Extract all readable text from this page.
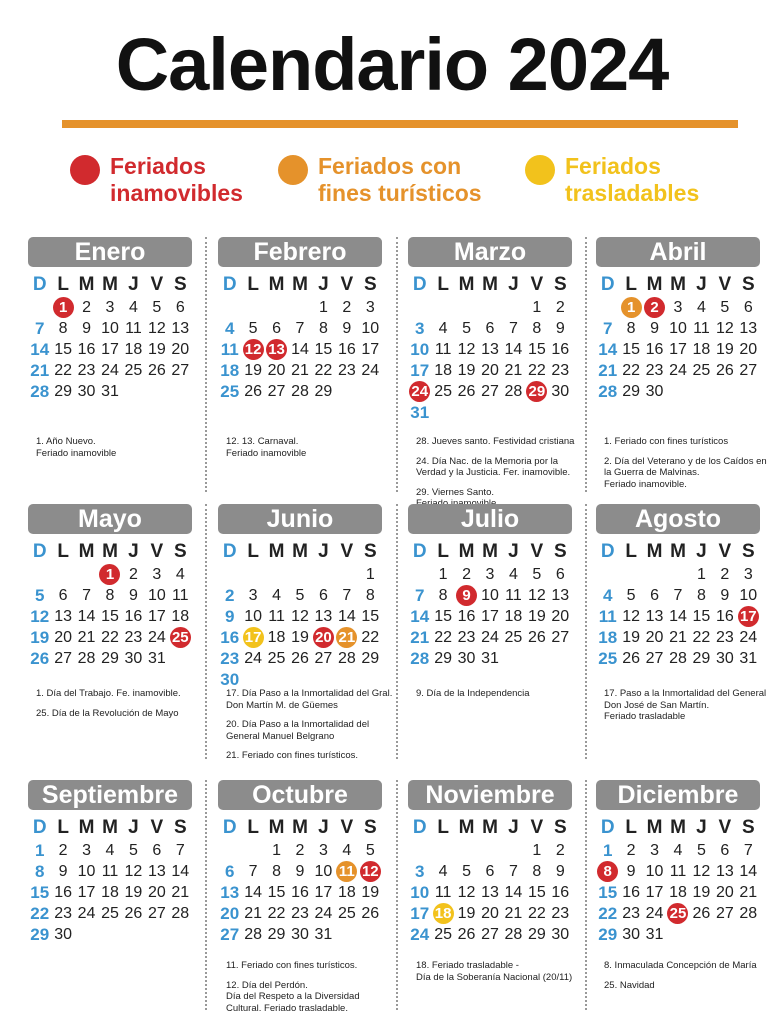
Calendario 2024
Feriados
inamovibles
Feriados con
fines turísticos
Feriados
trasladables
Enero
D L M M J V S
1 2 3 4 5 6
7 8 9 10 11 12 13
14 15 16 17 18 19 20
21 22 23 24 25 26 27
28 29 30 31
1. Año Nuevo.
Feriado inamovible
Febrero
D L M M J V S
1 2 3
4 5 6 7 8 9 10
11 12 13 14 15 16 17
18 19 20 21 22 23 24
25 26 27 28 29
12. 13. Carnaval.
Feriado inamovible
Marzo
D L M M J V S
1 2
3 4 5 6 7 8 9
10 11 12 13 14 15 16
17 18 19 20 21 22 23
24 25 26 27 28 29 30
31
28. Jueves santo. Festividad cristiana
24. Día Nac. de la Memoria por la Verdad y la Justicia. Fer. inamovible.
29. Viernes Santo.

Abril
D L M M J V S
1	2 3 4 5 6
7 8 9 10 11 12 13
14 15 16 17 18 19 20
21 22 23 24 25 26 27
28 29 30
1. Feriado con fines turísticos
2. Día del Veterano y de los Caídos en la Guerra de Malvinas.
Feriado inamovible.
Mayo
D L M M J V S
1 2 3 4
5 6 7 8 9 10 11
12 13 14 15 16 17 18
19 20 21 22 23 24 25
26 27 28 29 30 31
1. Día del Trabajo. Fe. inamovible.
25. Día de la Revolución de Mayo
Junio
D L M M J V S
1
2 3 4 5 6 7 8
9 10 11 12 13 14 15
16 17 18 19 20 21 22
23 24 25 26 27 28 29
30
17. Día Paso a la Inmortalidad del Gral. Don Martín M. de Güemes
20. Día Paso a la Inmortalidad del General Manuel Belgrano
21. Feriado con fines turísticos.
Julio
D L M M J V S
1 2 3 4 5 6
7 8 9 10 11 12 13
14 15 16 17 18 19 20
21 22 23 24 25 26 27
28 29 30 31
9. Día de la Independencia
Agosto
D L M M J V S
1 2 3
4 5 6 7 8 9 10
11 12 13 14 15 16 17
18 19 20 21 22 23 24
25 26 27 28 29 30 31
17. Paso a la Inmortalidad del General Don José de San Martín.
Feriado trasladable
Septiembre
D L M M J V S
1 2 3 4 5 6 7
8 9 10 11 12 13 14
15 16 17 18 19 20 21
22 23 24 25 26 27 28
29 30
Octubre
D L M M J V S
1 2 3 4 5
6 7 8 9 10 11 12
13 14 15 16 17 18 19
20 21 22 23 24 25 26
27 28 29 30 31
11. Feriado con fines turísticos.
12. Día del Perdón.
Día del Respeto a la Diversidad Cultural. Feriado trasladable.
Noviembre
D L M M J V S
1 2
3 4 5 6 7 8 9
10 11 12 13 14 15 16
17 18 19 20 21 22 23
24 25 26 27 28 29 30
18. Feriado trasladable -
Día de la Soberanía Nacional (20/11)
Diciembre
D L M M J V S
1 2 3 4 5 6 7
8 9 10 11 12 13 14
15 16 17 18 19 20 21
22 23 24 25 26 27 28
29 30 31
8. Inmaculada Concepción de María
25. Navidad
